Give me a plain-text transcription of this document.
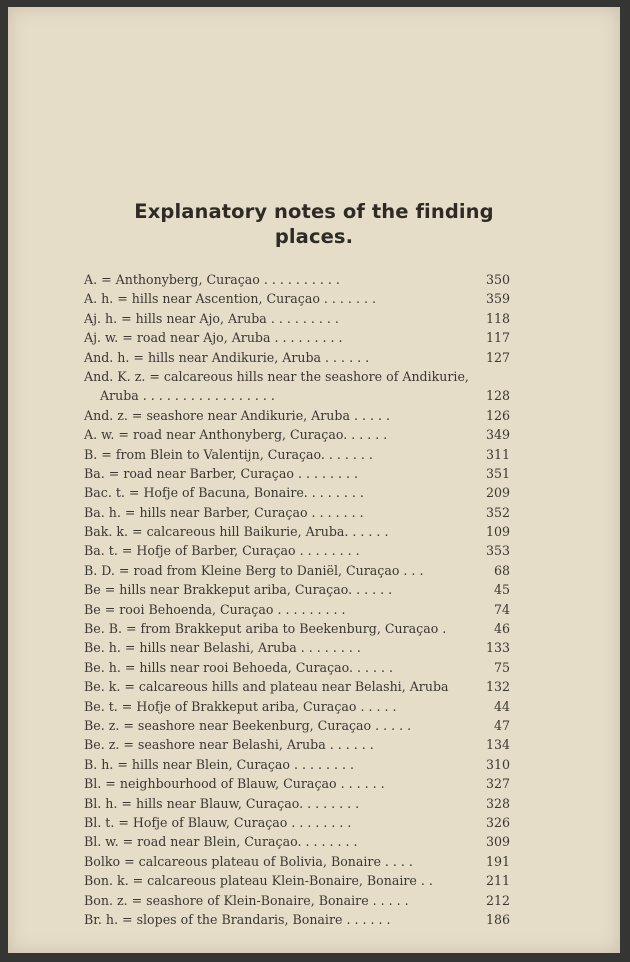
Explanatory notes of the finding
places.
A. = Anthonyberg, Curaçao . . . . . . . . . .	350
A. h. = hills near Ascention, Curaçao . . . . . . .	359
Aj. h. = hills near Ajo, Aruba . . . . . . . . .	118
Aj. w. = road near Ajo, Aruba . . . . . . . . .	117
And. h. = hills near Andikurie, Aruba . . . . . .	127
And. K. z. = calcareous hills near the seashore of Andikurie,
Aruba . . . . . . . . . . . . . . . . .	128
And. z. = seashore near Andikurie, Aruba . . . . .	126
A. w. = road near Anthonyberg, Curaçao. . . . . .	349
B. = from Blein to Valentijn, Curaçao. . . . . . .	311
Ba. = road near Barber, Curaçao . . . . . . . .	351
Bac. t. = Hofje of Bacuna, Bonaire. . . . . . . .	209
Ba. h. = hills near Barber, Curaçao . . . . . . .	352
Bak. k. = calcareous hill Baikurie, Aruba. . . . . .	109
Ba. t. = Hofje of Barber, Curaçao . . . . . . . .	353
B. D. = road from Kleine Berg to Daniël, Curaçao . . .	68
Be = hills near Brakkeput ariba, Curaçao. . . . . .	45
Be = rooi Behoenda, Curaçao . . . . . . . . .	74
Be. B. = from Brakkeput ariba to Beekenburg, Curaçao .	46
Be. h. = hills near Belashi, Aruba . . . . . . . .	133
Be. h. = hills near rooi Behoeda, Curaçao. . . . . .	75
Be. k. = calcareous hills and plateau near Belashi, Aruba	132
Be. t. = Hofje of Brakkeput ariba, Curaçao . . . . .	44
Be. z. = seashore near Beekenburg, Curaçao . . . . .	47
Be. z. = seashore near Belashi, Aruba . . . . . .	134
B. h. = hills near Blein, Curaçao . . . . . . . .	310
Bl. = neighbourhood of Blauw, Curaçao . . . . . .	327
Bl. h. = hills near Blauw, Curaçao. . . . . . . .	328
Bl. t. = Hofje of Blauw, Curaçao . . . . . . . .	326
Bl. w. = road near Blein, Curaçao. . . . . . . .	309
Bolko = calcareous plateau of Bolivia, Bonaire . . . .	191
Bon. k. = calcareous plateau Klein-Bonaire, Bonaire . .	211
Bon. z. = seashore of Klein-Bonaire, Bonaire . . . . .	212
Br. h. = slopes of the Brandaris, Bonaire . . . . . .	186
